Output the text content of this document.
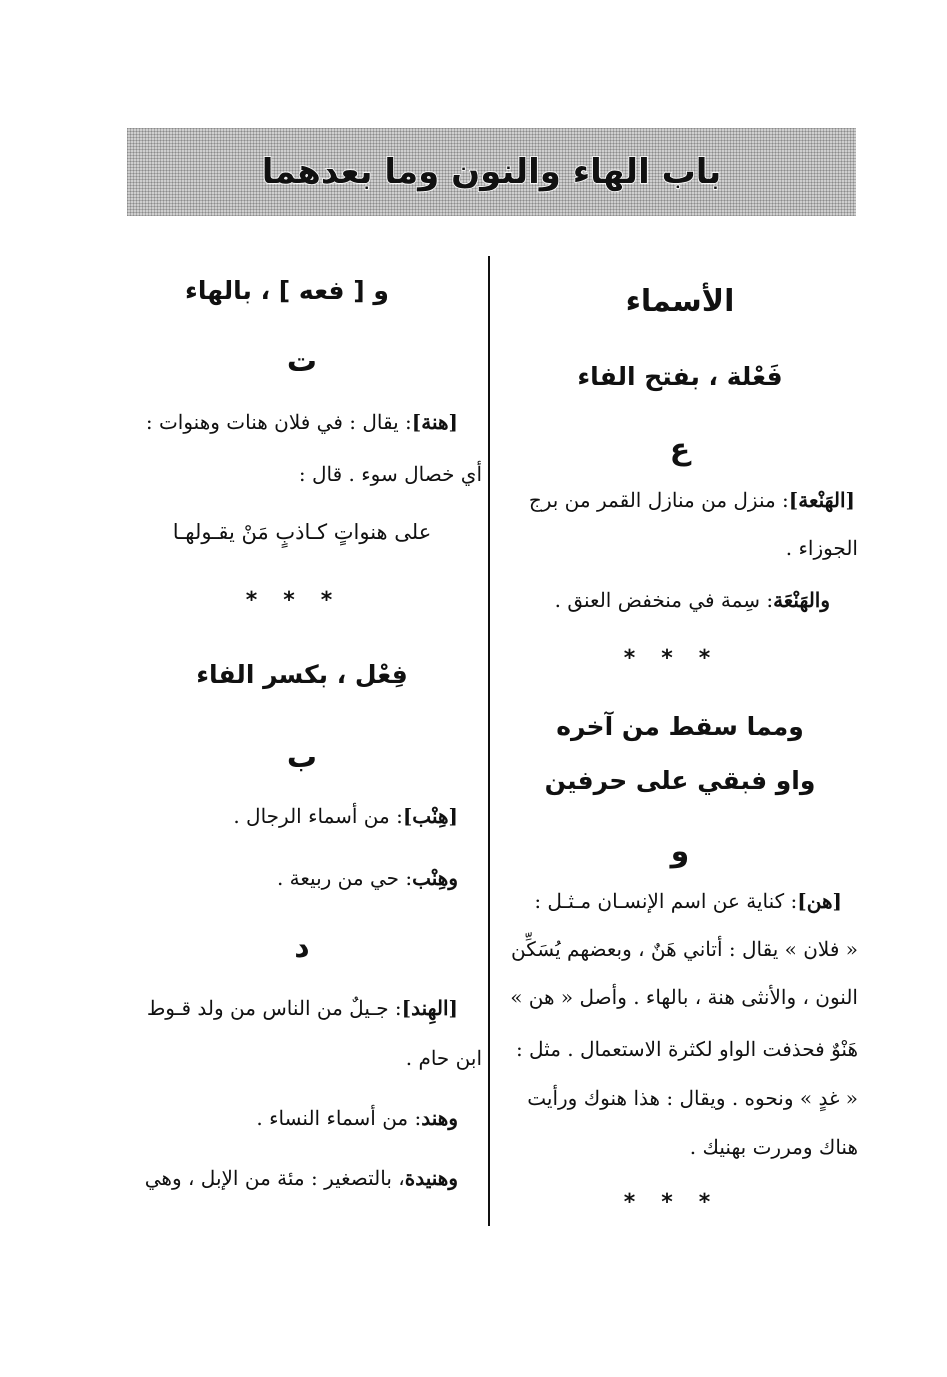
باب الهاء والنون وما بعدهما
الأسماء
فَعْلة ، بفتح الفاء
ع
[الهَنْعة]: منزل من منازل القمر من برج
الجوزاء .
والهَنْعَة: سِمة في منخفض العنق .
***
ومما سقط من آخره
واو فبقي على حرفين
و
[هن]: كناية عن اسم الإنسـان مـثـل :
« فلان » يقال : أتاني هَنٌ ، وبعضهم يُسَكِّن
النون ، والأنثى هنة ، بالهاء . وأصل « هن »
هَنْوٌ فحذفت الواو لكثرة الاستعمال . مثل :
« غدٍ » ونحوه . ويقال : هذا هنوك ورأيت
هناك ومررت بهنيك .
***
و [ فعه ] ، بالهاء
ت
[هنة]: يقال : في فلان هنات وهنوات :
أي خصال سوء . قال :
على هنواتٍ كـاذبٍ مَنْ يقـولهـا
***
فِعْل ، بكسر الفاء
ب
[هِنْب]: من أسماء الرجال .
وهِنْب: حي من ربيعة .
د
[الهِند]: جـيلٌ من الناس من ولد قـوط
ابن حام .
وهند: من أسماء النساء .
وهنيدة، بالتصغير : مئة من الإبل ، وهي
